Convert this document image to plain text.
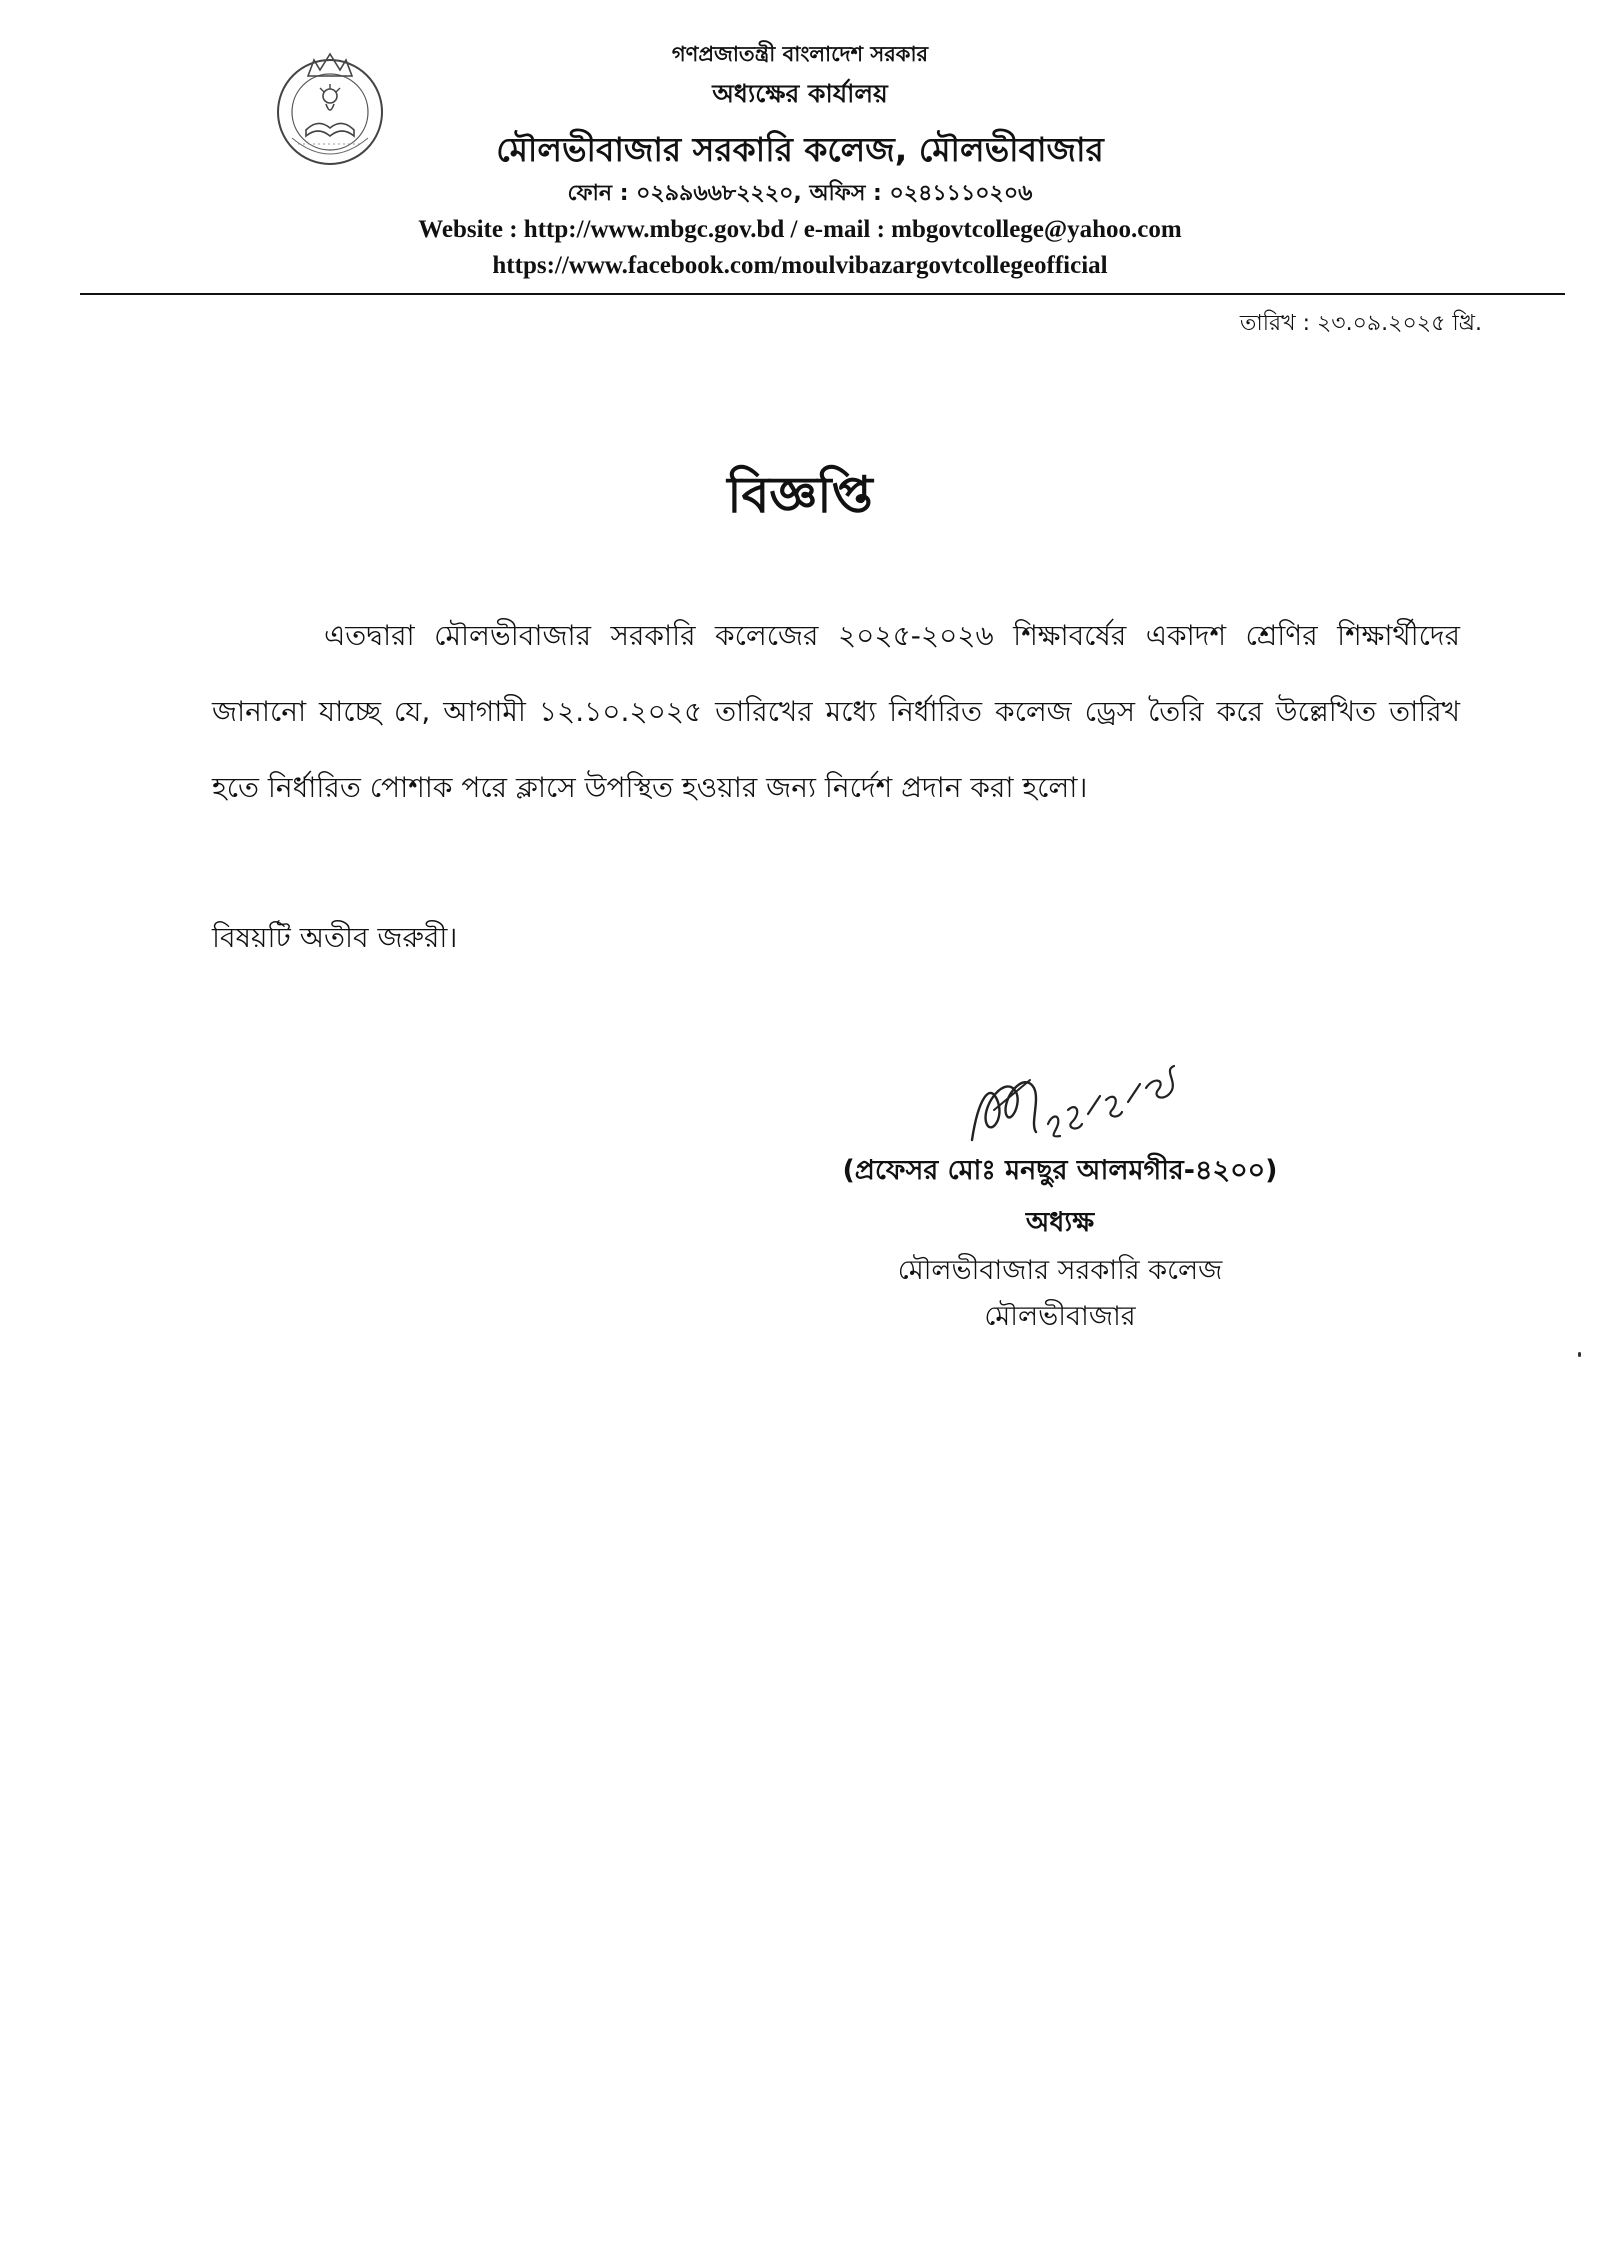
গণপ্রজাতন্ত্রী বাংলাদেশ সরকার
অধ্যক্ষের কার্যালয়
মৌলভীবাজার সরকারি কলেজ, মৌলভীবাজার
ফোন : ০২৯৯৬৬৮২২২০, অফিস : ০২৪১১১০২০৬
Website : http://www.mbgc.gov.bd / e-mail : mbgovtcollege@yahoo.com
https://www.facebook.com/moulvibazargovtcollegeofficial
তারিখ : ২৩.০৯.২০২৫ খ্রি.
বিজ্ঞপ্তি
এতদ্বারা মৌলভীবাজার সরকারি কলেজের ২০২৫-২০২৬ শিক্ষাবর্ষের একাদশ শ্রেণির শিক্ষার্থীদের জানানো যাচ্ছে যে, আগামী ১২.১০.২০২৫ তারিখের মধ্যে নির্ধারিত কলেজ ড্রেস তৈরি করে উল্লেখিত তারিখ হতে নির্ধারিত পোশাক পরে ক্লাসে উপস্থিত হওয়ার জন্য নির্দেশ প্রদান করা হলো।
বিষয়টি অতীব জরুরী।
(প্রফেসর মোঃ মনছুর আলমগীর-৪২০০)
অধ্যক্ষ
মৌলভীবাজার সরকারি কলেজ
মৌলভীবাজার
